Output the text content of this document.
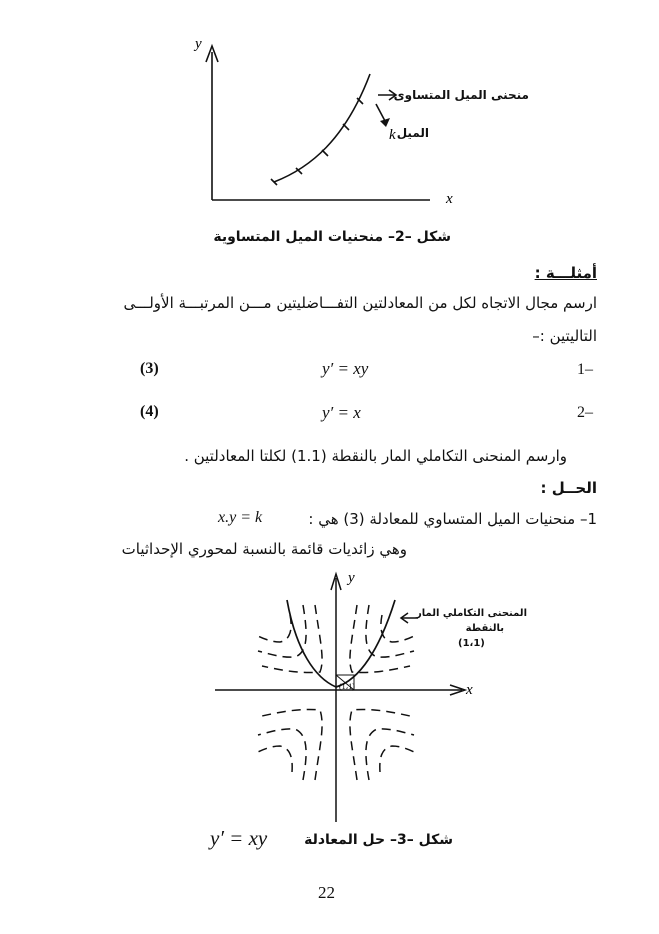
y
x
k
منحنى الميل المتساوى
الميل
شكل –2– منحنيات الميل المتساوية
أمثلـــة :
ارسم مجال الاتجاه لكل من المعادلتين التفـــاضليتين مـــن المرتبـــة الأولـــى
التاليتين :–
1–
y′ = xy
(3)
2–
y′ = x
(4)
وارسم المنحنى التكاملي المار بالنقطة (1.1) لكلتا المعادلتين .
الحــل :
1– منحنيات الميل المتساوي للمعادلة (3) هي :
x.y = k
وهي زائديات قائمة بالنسبة لمحوري الإحداثيات
y
x
(1،1)
المنحنى التكاملي المار
بالنقطة
(1،1)
شكل –3– حل المعادلة
y′ = xy
22
